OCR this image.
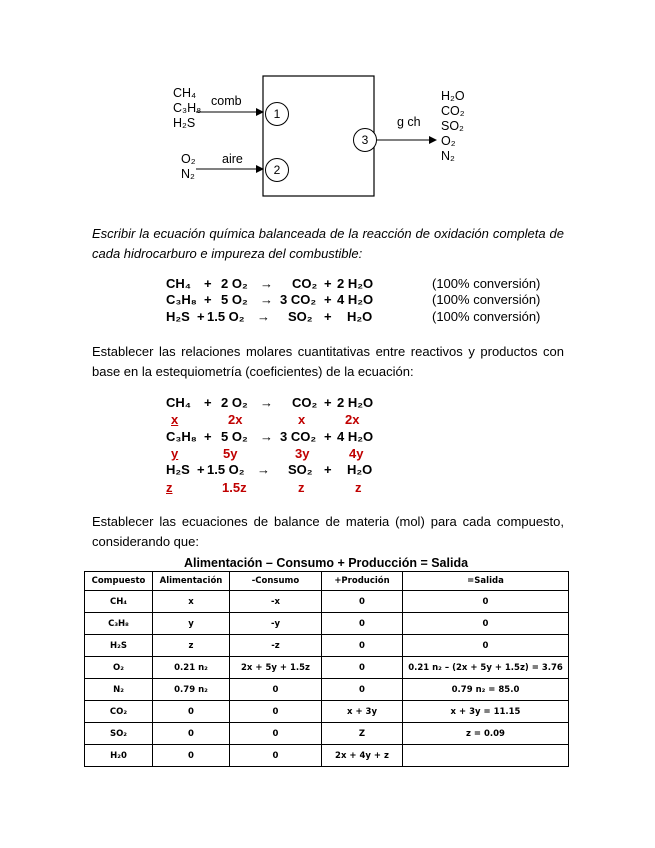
CH₄
C₃H₈
H₂S
comb
O₂
N₂
aire
1
2
3
g ch
H₂O
CO₂
SO₂
O₂
N₂
Escribir la ecuación química balanceada de la reacción de oxidación completa de cada hidrocarburo e impureza del combustible:
CH₄ + 2 O₂ → CO₂ + 2 H₂O	(100% conversión)
C₃H₈ + 5 O₂ → 3 CO₂ + 4 H₂O	(100% conversión)
H₂S + 1.5 O₂ → SO₂ + H₂O	(100% conversión)
Establecer las relaciones molares cuantitativas entre reactivos y productos con base en la estequiometría (coeficientes) de la ecuación:
CH₄ + 2 O₂ → CO₂ + 2 H₂O
x	2x	x	2x
C₃H₈ + 5 O₂ → 3 CO₂ + 4 H₂O
y	5y	3y	4y
H₂S + 1.5 O₂ → SO₂ + H₂O
z	1.5z	z	z
Establecer las ecuaciones de balance de materia (mol) para cada compuesto, considerando que:
Alimentación – Consumo + Producción = Salida
Compuesto	Alimentación	-Consumo	+Produción	=Salida
CH₄	x	-x	0	0
C₃H₈	y	-y	0	0
H₂S	z	-z	0	0
O₂	0.21 n₂	2x + 5y + 1.5z	0	0.21 n₂ – (2x + 5y + 1.5z) = 3.76
N₂	0.79 n₂	0	0	0.79 n₂ = 85.0
CO₂	0	0	x + 3y	x + 3y = 11.15
SO₂	0	0	Z	z = 0.09
H₂0	0	0	2x + 4y + z	
